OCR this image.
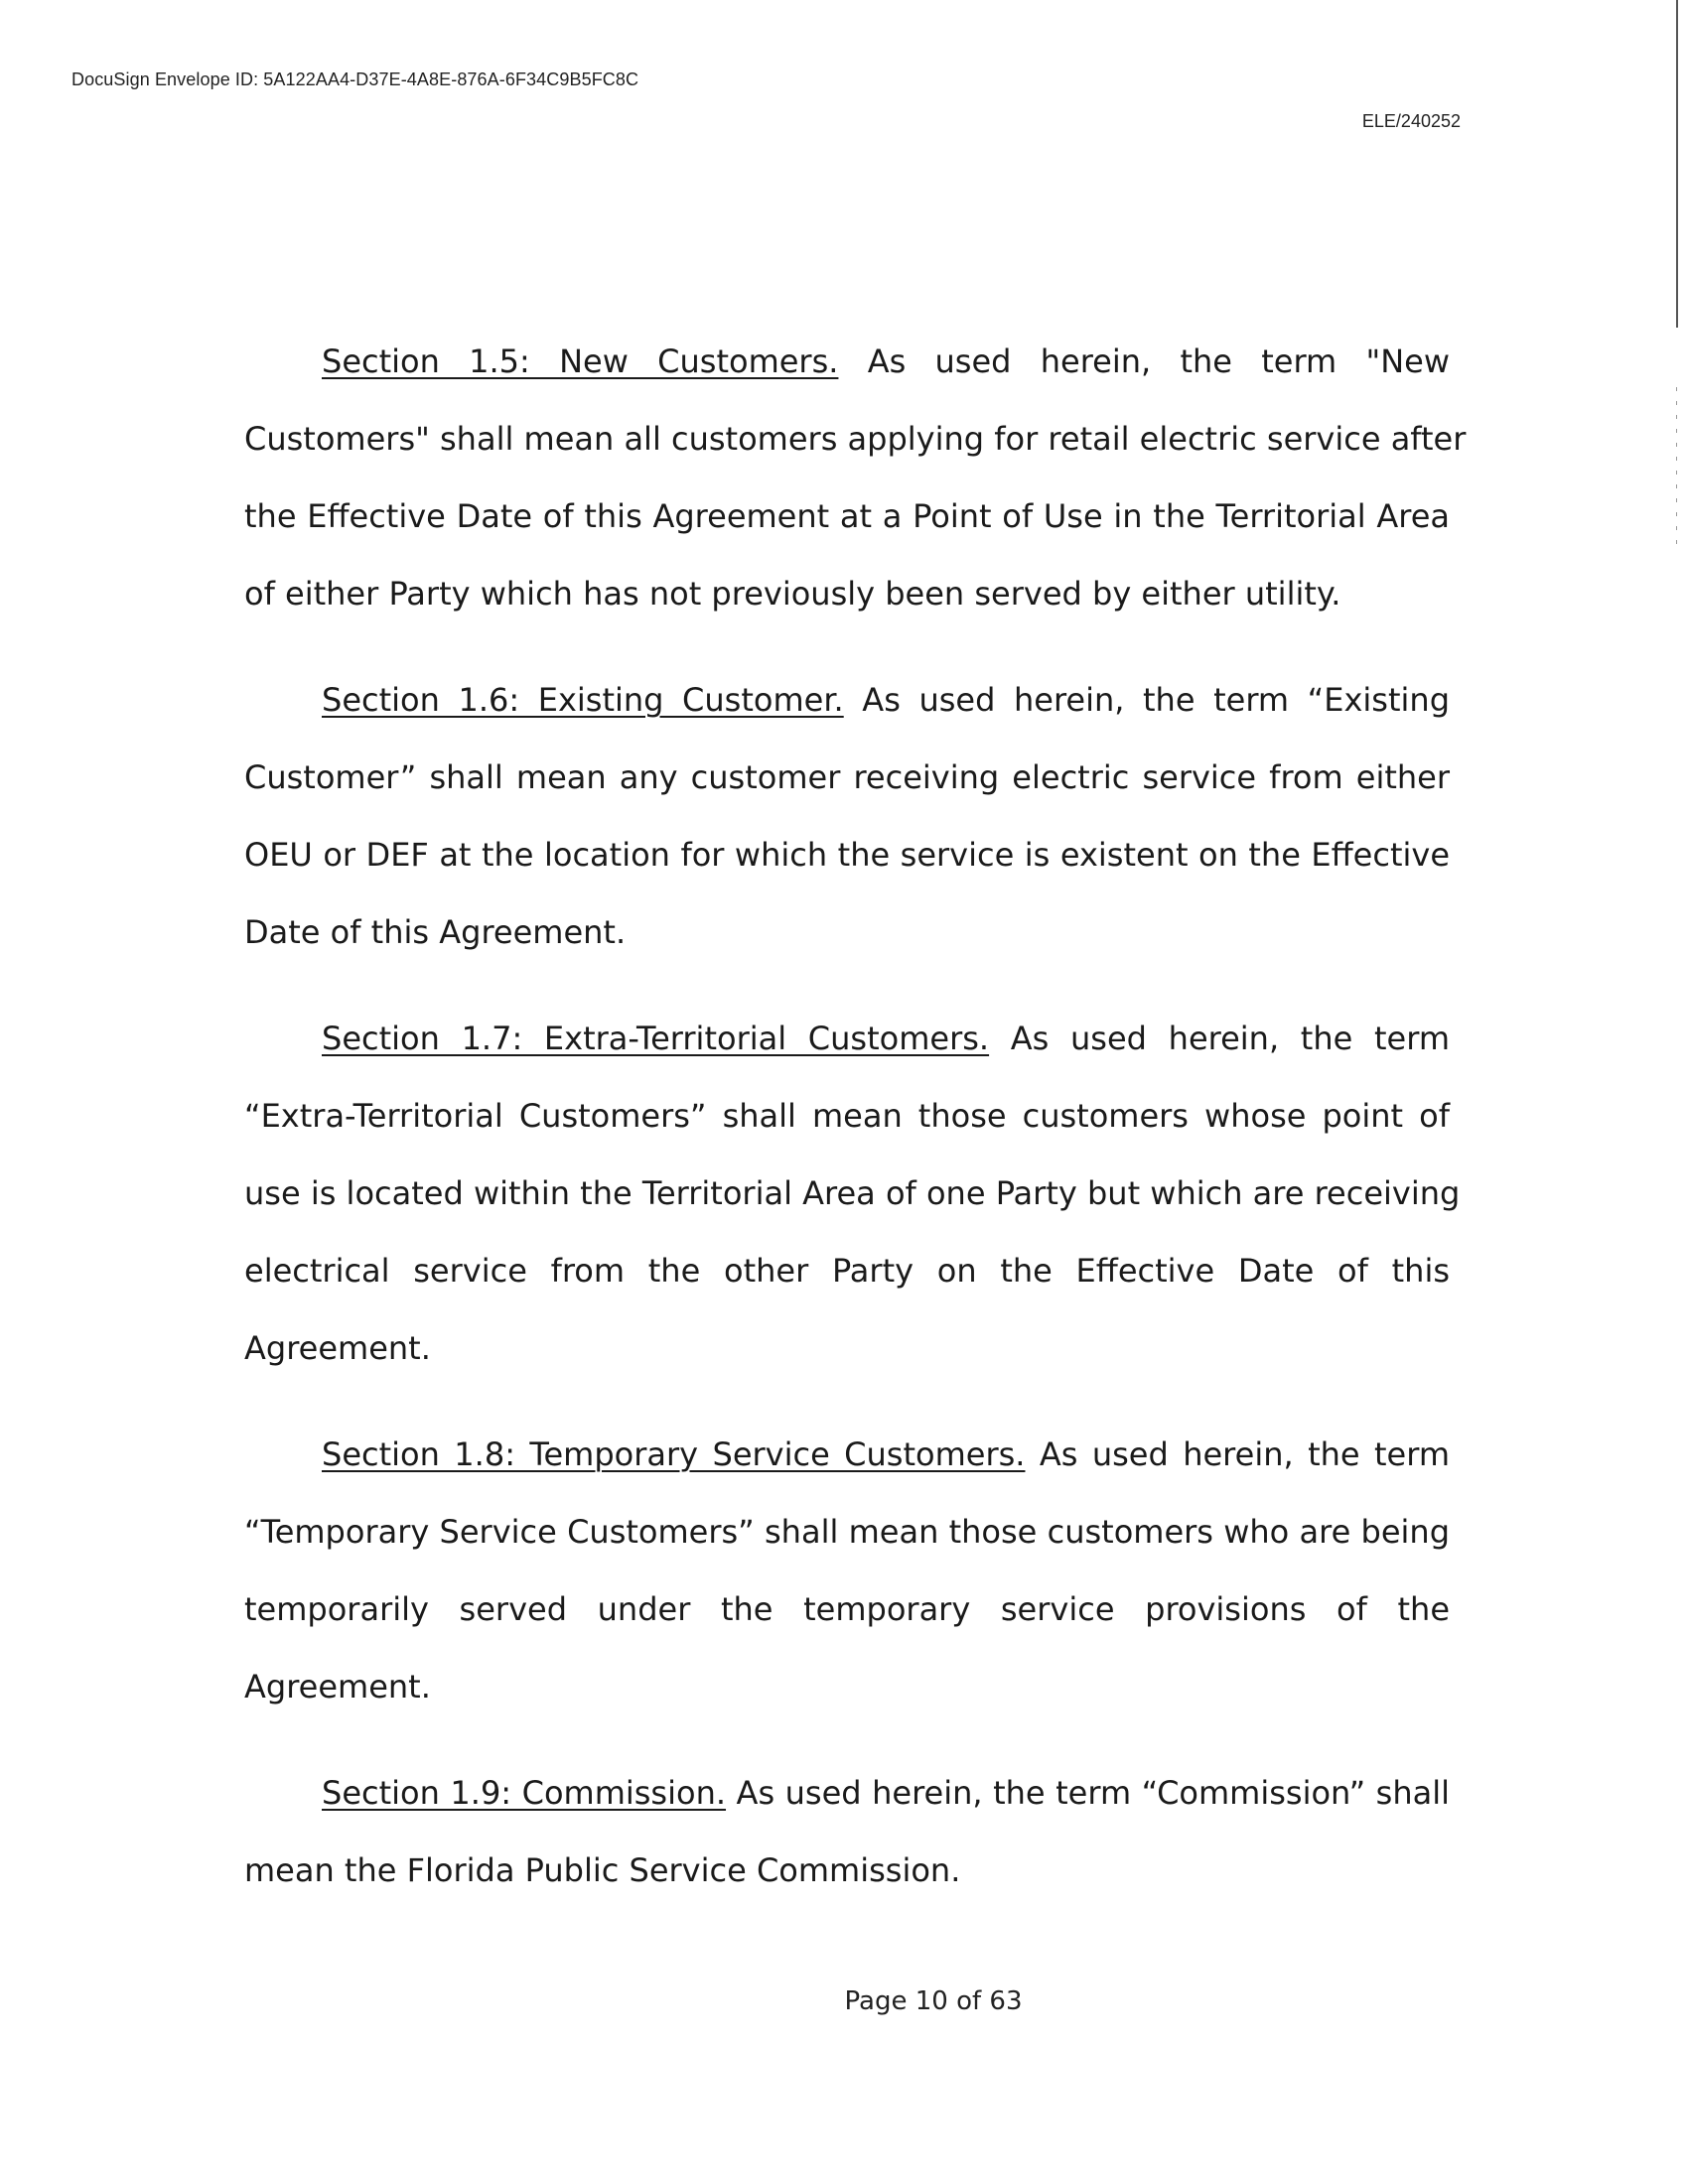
DocuSign Envelope ID: 5A122AA4-D37E-4A8E-876A-6F34C9B5FC8C
ELE/240252
Section 1.5: New Customers. As used herein, the term "New
Customers" shall mean all customers applying for retail electric service after
the Effective Date of this Agreement at a Point of Use in the Territorial Area
of either Party which has not previously been served by either utility.
Section 1.6: Existing Customer. As used herein, the term “Existing
Customer” shall mean any customer receiving electric service from either
OEU or DEF at the location for which the service is existent on the Effective
Date of this Agreement.
Section 1.7: Extra-Territorial Customers. As used herein, the term
“Extra-Territorial Customers” shall mean those customers whose point of
use is located within the Territorial Area of one Party but which are receiving
electrical service from the other Party on the Effective Date of this
Agreement.
Section 1.8: Temporary Service Customers. As used herein, the term
“Temporary Service Customers” shall mean those customers who are being
temporarily served under the temporary service provisions of the
Agreement.
Section 1.9: Commission. As used herein, the term “Commission” shall
mean the Florida Public Service Commission.
Page 10 of 63
